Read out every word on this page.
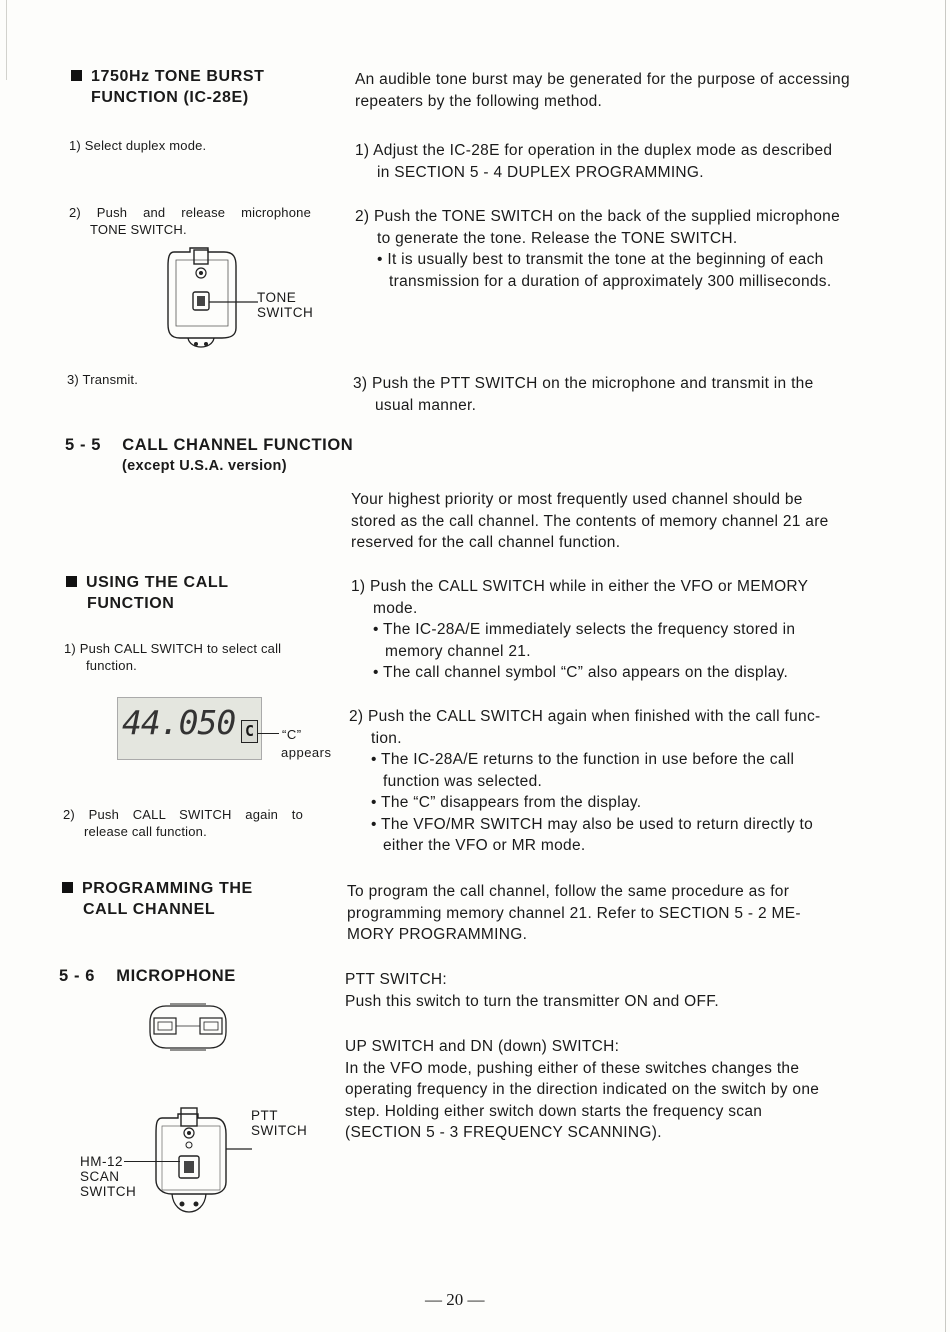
1750Hz TONE BURST
FUNCTION (IC-28E)
An audible tone burst may be generated for the purpose of accessing
repeaters by the following method.
1) Select duplex mode.
2) Push and release microphone
TONE SWITCH.
TONE
SWITCH
3) Transmit.
1) Adjust the IC-28E for operation in the duplex mode as described
in SECTION 5 - 4 DUPLEX PROGRAMMING.
2) Push the TONE SWITCH on the back of the supplied microphone
to generate the tone. Release the TONE SWITCH.
• It is usually best to transmit the tone at the beginning of each
transmission for a duration of approximately 300 milliseconds.
3) Push the PTT SWITCH on the microphone and transmit in the
usual manner.
5 - 5 CALL CHANNEL FUNCTION
(except U.S.A. version)
Your highest priority or most frequently used channel should be
stored as the call channel. The contents of memory channel 21 are
reserved for the call channel function.
USING THE CALL
FUNCTION
1) Push CALL SWITCH to select call
function.
44.050 C	“C”
appears
2) Push CALL SWITCH again to
release call function.
1) Push the CALL SWITCH while in either the VFO or MEMORY
mode.
• The IC-28A/E immediately selects the frequency stored in
memory channel 21.
• The call channel symbol “C” also appears on the display.
2) Push the CALL SWITCH again when finished with the call func-
tion.
• The IC-28A/E returns to the function in use before the call
function was selected.
• The “C” disappears from the display.
• The VFO/MR SWITCH may also be used to return directly to
either the VFO or MR mode.
PROGRAMMING THE
CALL CHANNEL
To program the call channel, follow the same procedure as for
programming memory channel 21. Refer to SECTION 5 - 2 ME-
MORY PROGRAMMING.
5 - 6 MICROPHONE
PTT
SWITCH
HM-12
SCAN
SWITCH
PTT SWITCH:
Push this switch to turn the transmitter ON and OFF.
UP SWITCH and DN (down) SWITCH:
In the VFO mode, pushing either of these switches changes the
operating frequency in the direction indicated on the switch by one
step. Holding either switch down starts the frequency scan
(SECTION 5 - 3 FREQUENCY SCANNING).
— 20 —
